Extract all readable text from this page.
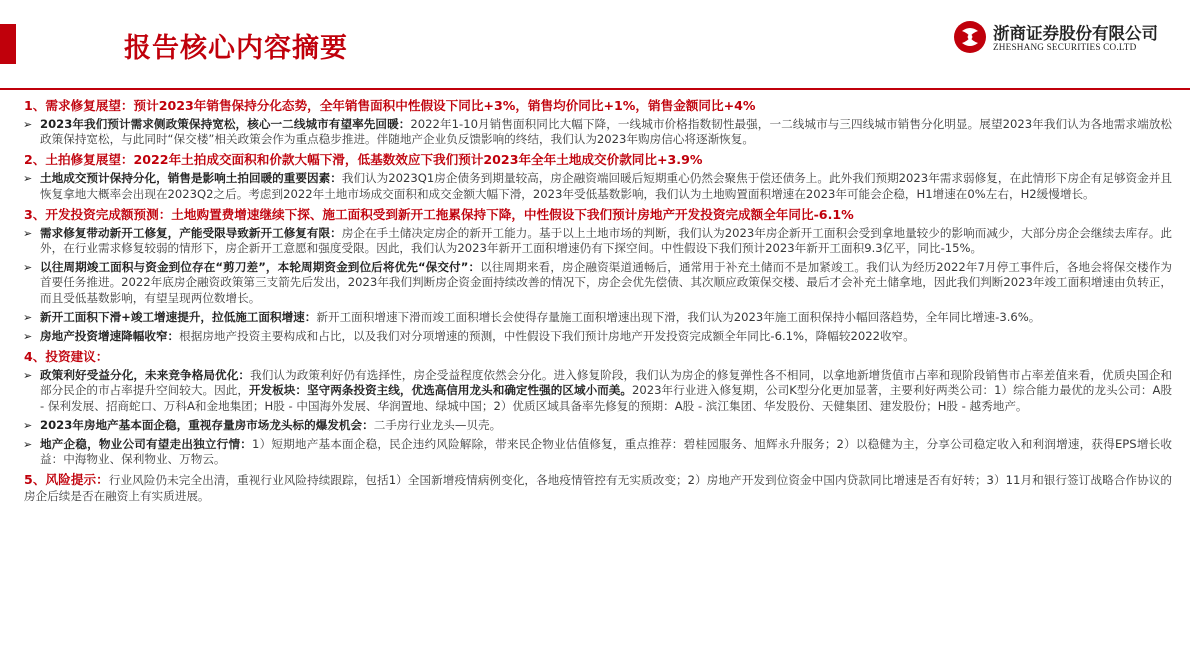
报告核心内容摘要	浙商证券股份有限公司
ZHESHANG SECURITIES CO.LTD
1、需求修复展望：预计2023年销售保持分化态势，全年销售面积中性假设下同比+3%，销售均价同比+1%，销售金额同比+4%
➢ 2023年我们预计需求侧政策保持宽松，核心一二线城市有望率先回暖：2022年1-10月销售面积同比大幅下降，一线城市价格指数韧性最强，一二线城市与三四线城市销售分化明显。展望2023年我们认为各地需求端放松政策保持宽松，与此同时“保交楼”相关政策会作为重点稳步推进。伴随地产企业负反馈影响的终结，我们认为2023年购房信心将逐渐恢复。
2、土拍修复展望：2022年土拍成交面积和价款大幅下滑，低基数效应下我们预计2023年全年土地成交价款同比+3.9%
➢ 土地成交预计保持分化，销售是影响土拍回暖的重要因素：我们认为2023Q1房企债务到期量较高，房企融资端回暖后短期重心仍然会聚焦于偿还债务上。此外我们预期2023年需求弱修复，在此情形下房企有足够资金并且恢复拿地大概率会出现在2023Q2之后。考虑到2022年土地市场成交面积和成交金额大幅下滑，2023年受低基数影响，我们认为土地购置面积增速在2023年可能会企稳，H1增速在0%左右，H2缓慢增长。
3、开发投资完成额预测：土地购置费增速继续下探、施工面积受到新开工拖累保持下降，中性假设下我们预计房地产开发投资完成额全年同比-6.1%
➢ 需求修复带动新开工修复，产能受限导致新开工修复有限：房企在手土储决定房企的新开工能力。基于以上土地市场的判断，我们认为2023年房企新开工面积会受到拿地量较少的影响而减少，大部分房企会继续去库存。此外，在行业需求修复较弱的情形下，房企新开工意愿和强度受限。因此，我们认为2023年新开工面积增速仍有下探空间。中性假设下我们预计2023年新开工面积9.3亿平，同比-15%。
➢ 以往周期竣工面积与资金到位存在“剪刀差”，本轮周期资金到位后将优先“保交付”：以往周期来看，房企融资渠道通畅后，通常用于补充土储而不是加紧竣工。我们认为经历2022年7月停工事件后，各地会将保交楼作为首要任务推进。2022年底房企融资政策第三支箭先后发出，2023年我们判断房企资金面持续改善的情况下，房企会优先偿债、其次顺应政策保交楼、最后才会补充土储拿地，因此我们判断2023年竣工面积增速由负转正，而且受低基数影响，有望呈现两位数增长。
➢ 新开工面积下滑+竣工增速提升，拉低施工面积增速：新开工面积增速下滑而竣工面积增长会使得存量施工面积增速出现下滑，我们认为2023年施工面积保持小幅回落趋势，全年同比增速-3.6%。
➢ 房地产投资增速降幅收窄：根据房地产投资主要构成和占比，以及我们对分项增速的预测，中性假设下我们预计房地产开发投资完成额全年同比-6.1%，降幅较2022收窄。
4、投资建议：
➢ 政策利好受益分化，未来竞争格局优化：我们认为政策利好仍有选择性，房企受益程度依然会分化。进入修复阶段，我们认为房企的修复弹性各不相同，以拿地新增货值市占率和现阶段销售市占率差值来看，优质央国企和部分民企的市占率提升空间较大。因此，开发板块：坚守两条投资主线，优选高信用龙头和确定性强的区域小而美。2023年行业进入修复期，公司K型分化更加显著，主要利好两类公司：1）综合能力最优的龙头公司：A股 - 保利发展、招商蛇口、万科A和金地集团；H股 - 中国海外发展、华润置地、绿城中国；2）优质区域具备率先修复的预期：A股 - 滨江集团、华发股份、天健集团、建发股份；H股 - 越秀地产。
➢ 2023年房地产基本面企稳，重视存量房市场龙头标的爆发机会：二手房行业龙头—贝壳。
➢ 地产企稳，物业公司有望走出独立行情：1）短期地产基本面企稳，民企违约风险解除，带来民企物业估值修复，重点推荐：碧桂园服务、旭辉永升服务；2）以稳健为主，分享公司稳定收入和利润增速，获得EPS增长收益：中海物业、保利物业、万物云。
5、风险提示：行业风险仍未完全出清，重视行业风险持续跟踪，包括1）全国新增疫情病例变化，各地疫情管控有无实质改变；2）房地产开发到位资金中国内贷款同比增速是否有好转；3）11月和银行签订战略合作协议的房企后续是否在融资上有实质进展。
